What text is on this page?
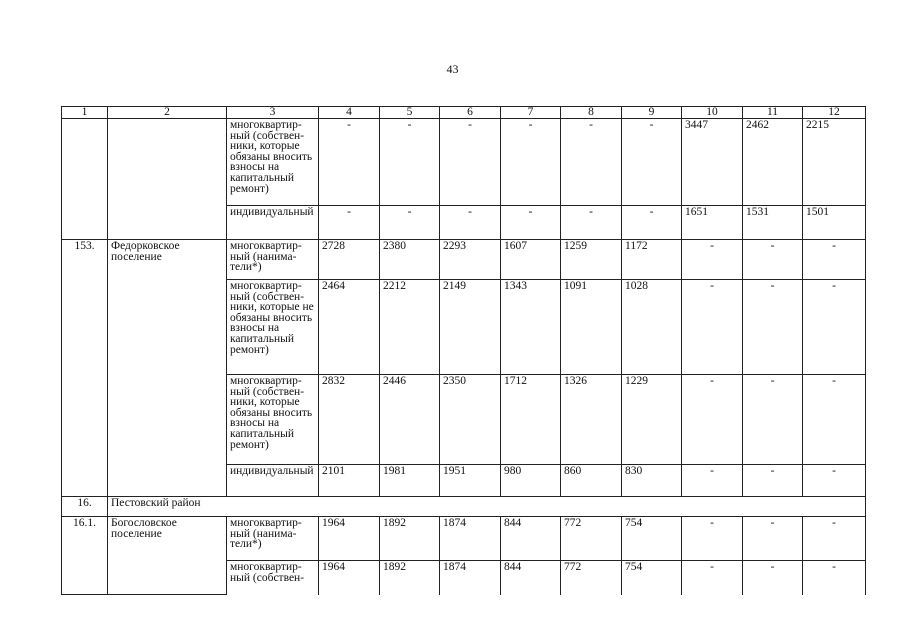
43
1	2	3	4	5	6	7	8	9	10	11	12
		многоквартирный (собственники, которые обязаны вносить взносы на капитальный ремонт)	-	-	-	-	-	-	3447	2462	2215
		индивидуальный	-	-	-	-	-	-	1651	1531	1501
153.	Федорковское поселение	многоквартирный (наниматели*)	2728	2380	2293	1607	1259	1172	-	-	-
		многоквартирный (собственники, которые не обязаны вносить взносы на капитальный ремонт)	2464	2212	2149	1343	1091	1028	-	-	-
		многоквартирный (собственники, которые обязаны вносить взносы на капитальный ремонт)	2832	2446	2350	1712	1326	1229	-	-	-
		индивидуальный	2101	1981	1951	980	860	830	-	-	-
16.	Пестовский район										
16.1.	Богословское поселение	многоквартирный (наниматели*)	1964	1892	1874	844	772	754	-	-	-
		многоквартирный (собствен-	1964	1892	1874	844	772	754	-	-	-
